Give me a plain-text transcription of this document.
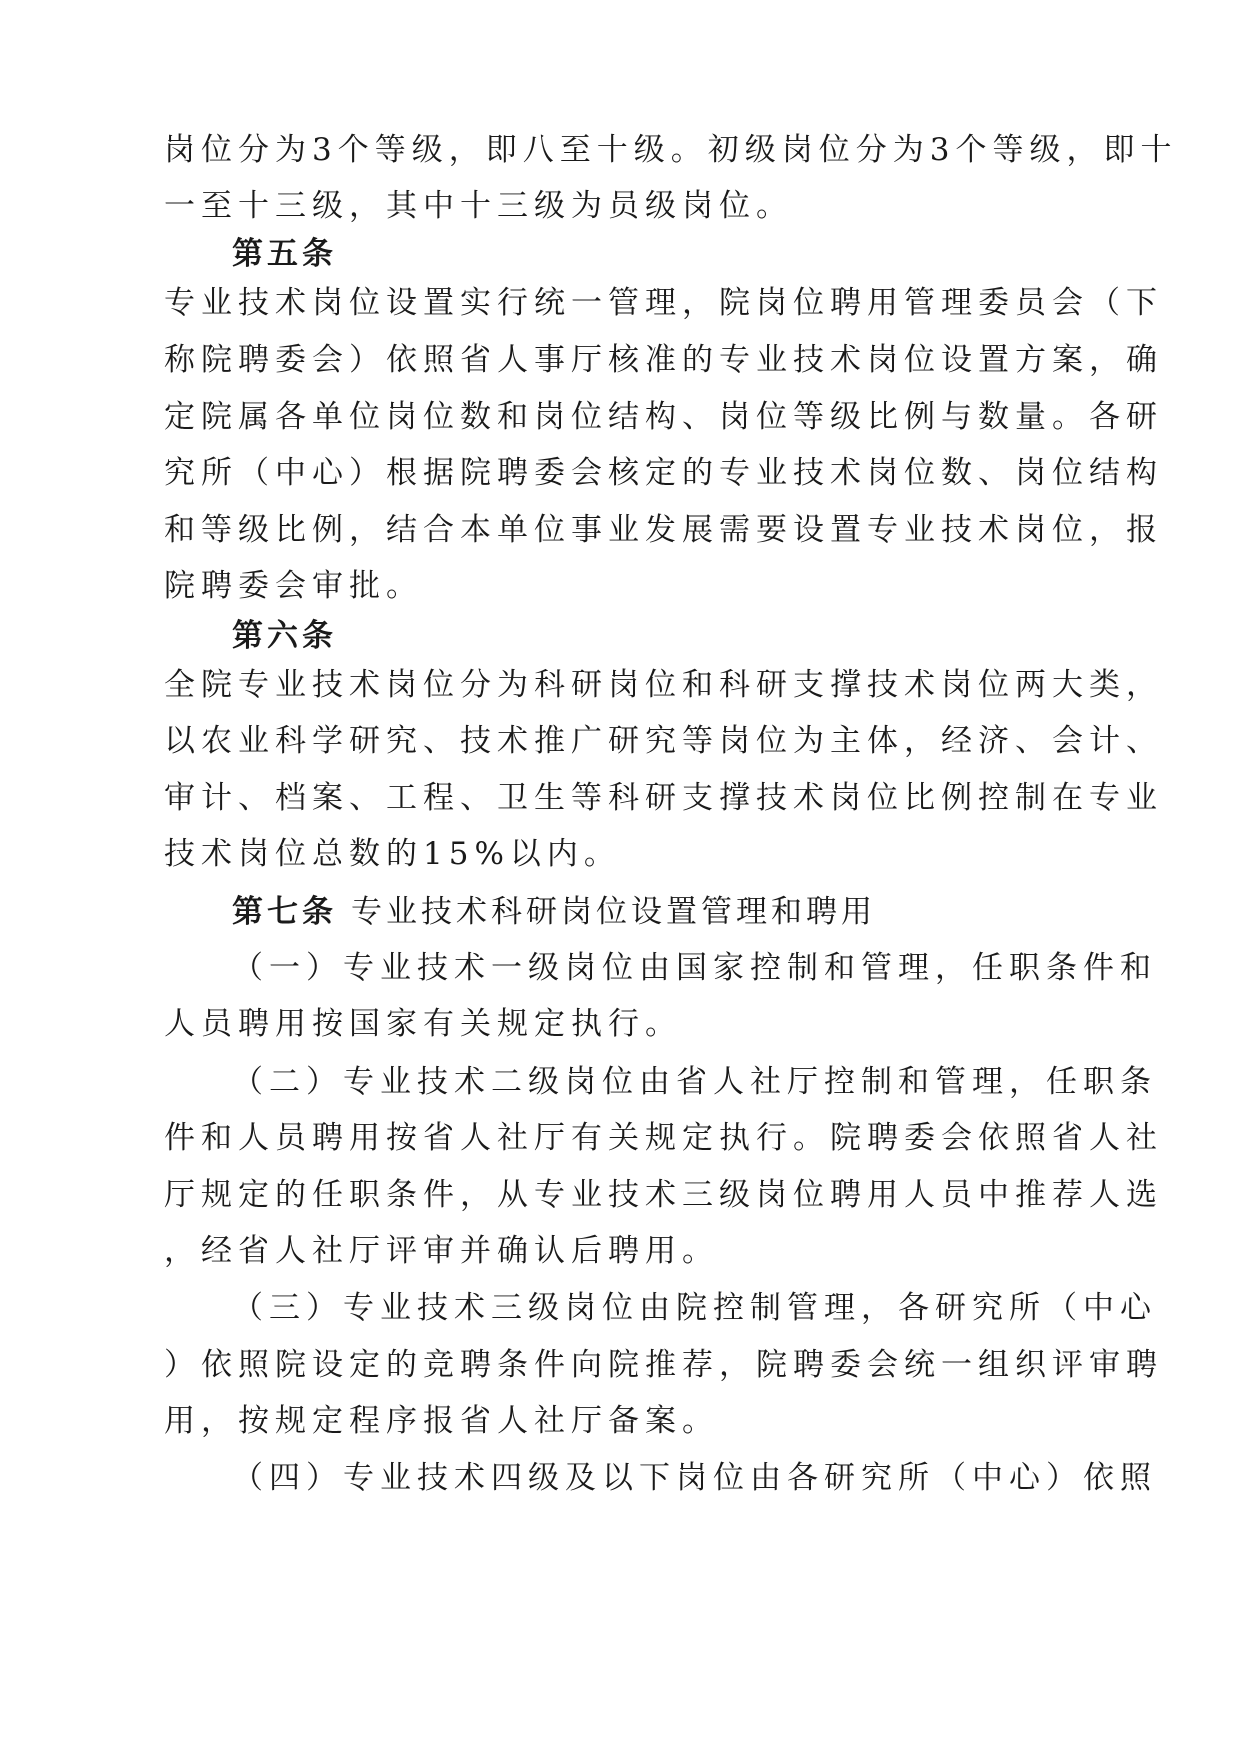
岗位分为3个等级，即八至十级。初级岗位分为3个等级，即十
一至十三级，其中十三级为员级岗位。
第五条
专业技术岗位设置实行统一管理，院岗位聘用管理委员会（下
称院聘委会）依照省人事厅核准的专业技术岗位设置方案，确
定院属各单位岗位数和岗位结构、岗位等级比例与数量。各研
究所（中心）根据院聘委会核定的专业技术岗位数、岗位结构
和等级比例，结合本单位事业发展需要设置专业技术岗位，报
院聘委会审批。
第六条
全院专业技术岗位分为科研岗位和科研支撑技术岗位两大类，
以农业科学研究、技术推广研究等岗位为主体，经济、会计、
审计、档案、工程、卫生等科研支撑技术岗位比例控制在专业
技术岗位总数的15%以内。
第七条 专业技术科研岗位设置管理和聘用
（一）专业技术一级岗位由国家控制和管理，任职条件和
人员聘用按国家有关规定执行。
（二）专业技术二级岗位由省人社厅控制和管理，任职条
件和人员聘用按省人社厅有关规定执行。院聘委会依照省人社
厅规定的任职条件，从专业技术三级岗位聘用人员中推荐人选
，经省人社厅评审并确认后聘用。
（三）专业技术三级岗位由院控制管理，各研究所（中心
）依照院设定的竞聘条件向院推荐，院聘委会统一组织评审聘
用，按规定程序报省人社厅备案。
（四）专业技术四级及以下岗位由各研究所（中心）依照
